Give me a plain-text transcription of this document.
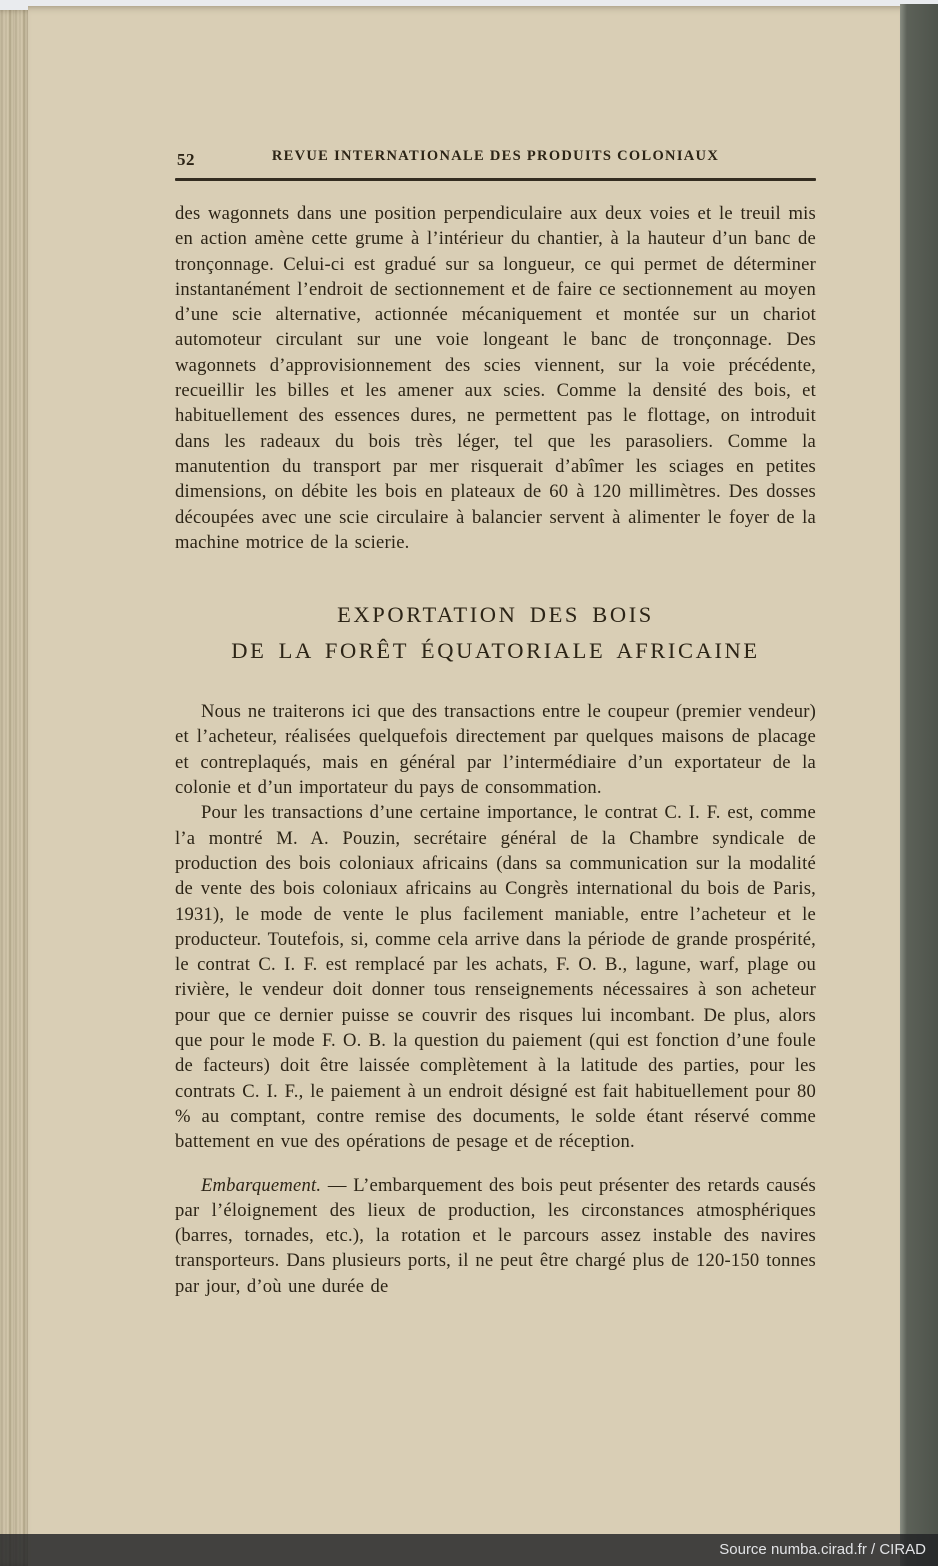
52	REVUE INTERNATIONALE DES PRODUITS COLONIAUX

des wagonnets dans une position perpendiculaire aux deux voies et le treuil mis en action amène cette grume à l’intérieur du chantier, à la hauteur d’un banc de tronçonnage. Celui-ci est gradué sur sa longueur, ce qui permet de déterminer instantanément l’endroit de sectionnement et de faire ce sectionnement au moyen d’une scie alternative, actionnée mécaniquement et montée sur un chariot automoteur circulant sur une voie longeant le banc de tronçonnage. Des wagonnets d’approvisionnement des scies viennent, sur la voie précédente, recueillir les billes et les amener aux scies. Comme la densité des bois, et habituellement des essences dures, ne permettent pas le flottage, on introduit dans les radeaux du bois très léger, tel que les parasoliers. Comme la manutention du transport par mer risquerait d’abîmer les sciages en petites dimensions, on débite les bois en plateaux de 60 à 120 millimètres. Des dosses découpées avec une scie circulaire à balancier servent à alimenter le foyer de la machine motrice de la scierie.

EXPORTATION DES BOIS
DE LA FORÊT ÉQUATORIALE AFRICAINE

Nous ne traiterons ici que des transactions entre le coupeur (premier vendeur) et l’acheteur, réalisées quelquefois directement par quelques maisons de placage et contreplaqués, mais en général par l’intermédiaire d’un exportateur de la colonie et d’un importateur du pays de consommation.

Pour les transactions d’une certaine importance, le contrat C. I. F. est, comme l’a montré M. A. Pouzin, secrétaire général de la Chambre syndicale de production des bois coloniaux africains (dans sa communication sur la modalité de vente des bois coloniaux africains au Congrès international du bois de Paris, 1931), le mode de vente le plus facilement maniable, entre l’acheteur et le producteur. Toutefois, si, comme cela arrive dans la période de grande prospérité, le contrat C. I. F. est remplacé par les achats, F. O. B., lagune, warf, plage ou rivière, le vendeur doit donner tous renseignements nécessaires à son acheteur pour que ce dernier puisse se couvrir des risques lui incombant. De plus, alors que pour le mode F. O. B. la question du paiement (qui est fonction d’une foule de facteurs) doit être laissée complètement à la latitude des parties, pour les contrats C. I. F., le paiement à un endroit désigné est fait habituellement pour 80 % au comptant, contre remise des documents, le solde étant réservé comme battement en vue des opérations de pesage et de réception.

Embarquement. — L’embarquement des bois peut présenter des retards causés par l’éloignement des lieux de production, les circonstances atmosphériques (barres, tornades, etc.), la rotation et le parcours assez instable des navires transporteurs. Dans plusieurs ports, il ne peut être chargé plus de 120-150 tonnes par jour, d’où une durée de

Source numba.cirad.fr / CIRAD
